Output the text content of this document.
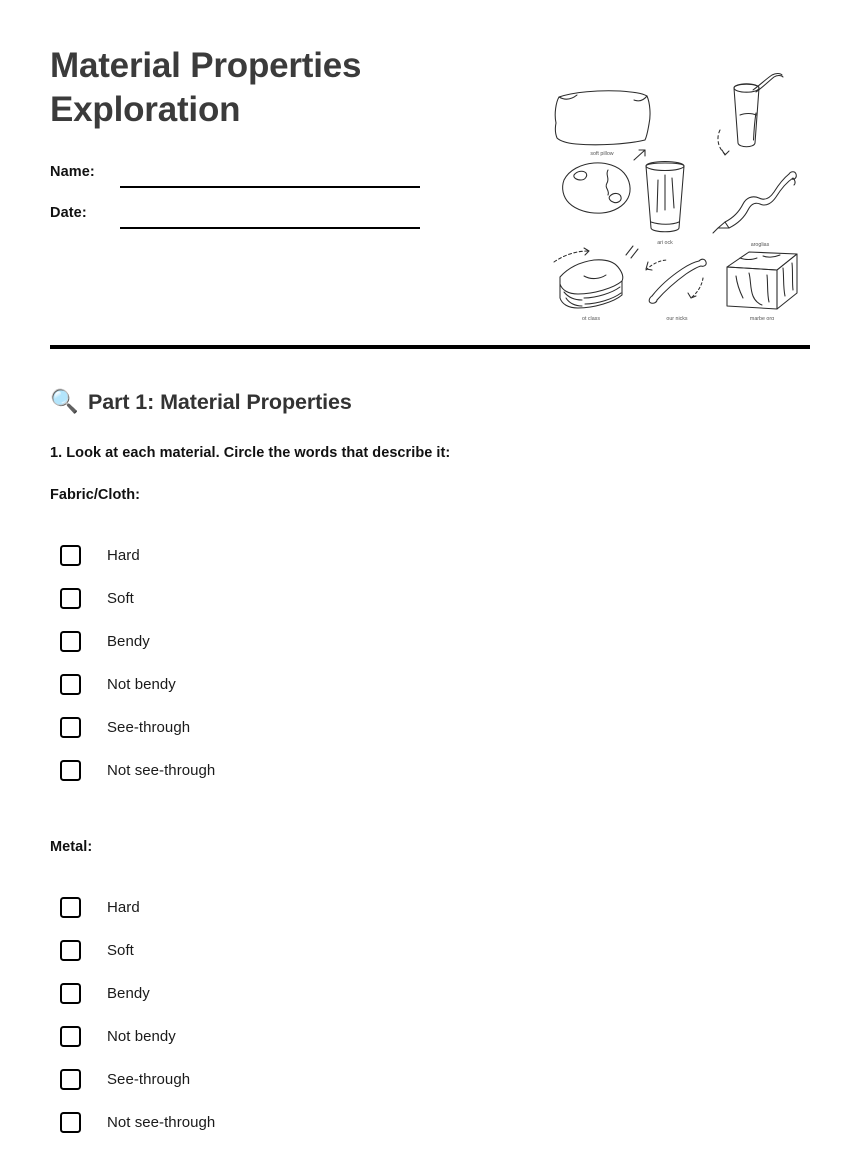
Material Properties
Exploration
Name:
Date:
soft pillow
ari ock	aroglias
ot class	our nicks	marbe org
🔍 Part 1: Material Properties
1. Look at each material. Circle the words that describe it:
Fabric/Cloth:
Hard
Soft
Bendy
Not bendy
See-through
Not see-through
Metal:
Hard
Soft
Bendy
Not bendy
See-through
Not see-through
